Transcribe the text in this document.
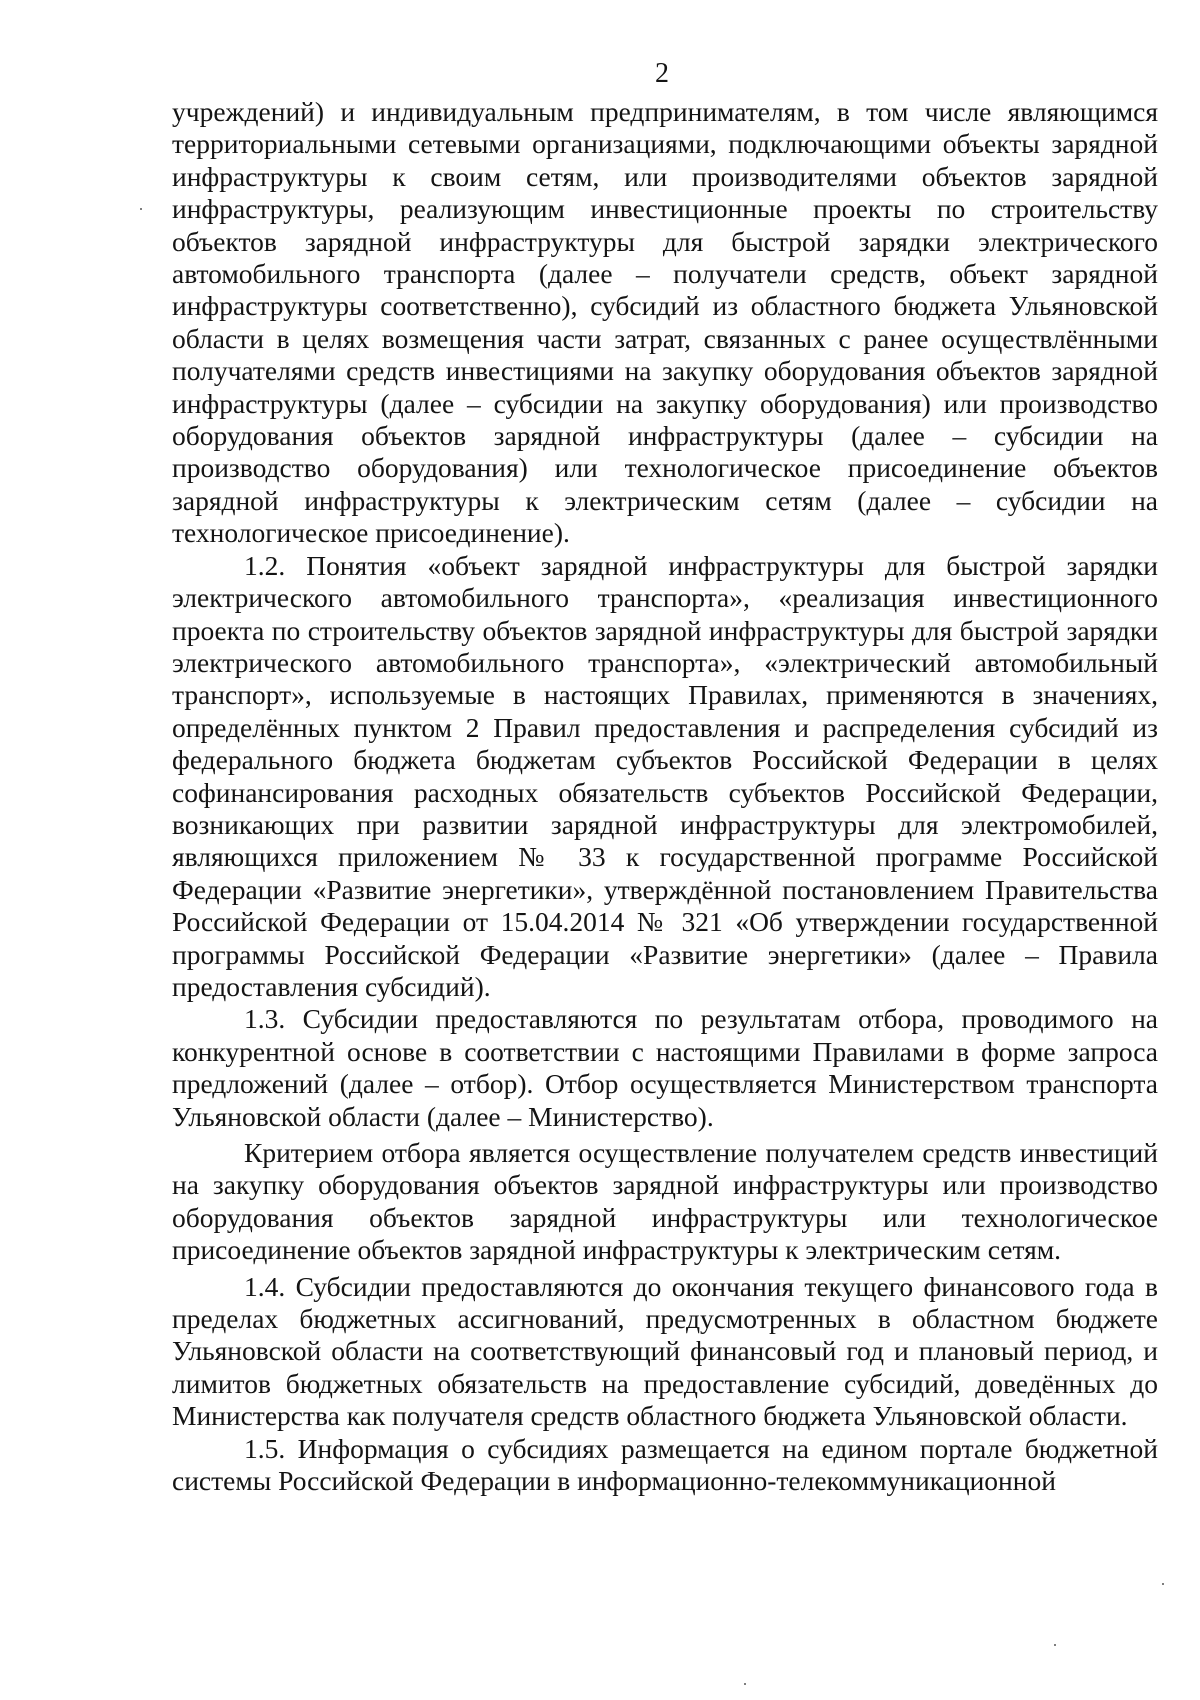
2

учреждений) и индивидуальным предпринимателям, в том числе являющимся территориальными сетевыми организациями, подключающими объекты зарядной инфраструктуры к своим сетям, или производителями объектов зарядной инфраструктуры, реализующим инвестиционные проекты по строительству объектов зарядной инфраструктуры для быстрой зарядки электрического автомобильного транспорта (далее – получатели средств, объект зарядной инфраструктуры соответственно), субсидий из областного бюджета Ульяновской области в целях возмещения части затрат, связанных с ранее осуществлёнными получателями средств инвестициями на закупку оборудования объектов зарядной инфраструктуры (далее – субсидии на закупку оборудования) или производство оборудования объектов зарядной инфраструктуры (далее – субсидии на производство оборудования) или технологическое присоединение объектов зарядной инфраструктуры к электрическим сетям (далее – субсидии на технологическое присоединение).

1.2. Понятия «объект зарядной инфраструктуры для быстрой зарядки электрического автомобильного транспорта», «реализация инвестиционного проекта по строительству объектов зарядной инфраструктуры для быстрой зарядки электрического автомобильного транспорта», «электрический автомобильный транспорт», используемые в настоящих Правилах, применяются в значениях, определённых пунктом 2 Правил предоставления и распределения субсидий из федерального бюджета бюджетам субъектов Российской Федерации в целях софинансирования расходных обязательств субъектов Российской Федерации, возникающих при развитии зарядной инфраструктуры для электромобилей, являющихся приложением № 33 к государственной программе Российской Федерации «Развитие энергетики», утверждённой постановлением Правительства Российской Федерации от 15.04.2014 № 321 «Об утверждении государственной программы Российской Федерации «Развитие энергетики» (далее – Правила предоставления субсидий).

1.3. Субсидии предоставляются по результатам отбора, проводимого на конкурентной основе в соответствии с настоящими Правилами в форме запроса предложений (далее – отбор). Отбор осуществляется Министерством транспорта Ульяновской области (далее – Министерство).

Критерием отбора является осуществление получателем средств инвестиций на закупку оборудования объектов зарядной инфраструктуры или производство оборудования объектов зарядной инфраструктуры или технологическое присоединение объектов зарядной инфраструктуры к электрическим сетям.

1.4. Субсидии предоставляются до окончания текущего финансового года в пределах бюджетных ассигнований, предусмотренных в областном бюджете Ульяновской области на соответствующий финансовый год и плановый период, и лимитов бюджетных обязательств на предоставление субсидий, доведённых до Министерства как получателя средств областного бюджета Ульяновской области.

1.5. Информация о субсидиях размещается на едином портале бюджетной системы Российской Федерации в информационно-телекоммуникационной
